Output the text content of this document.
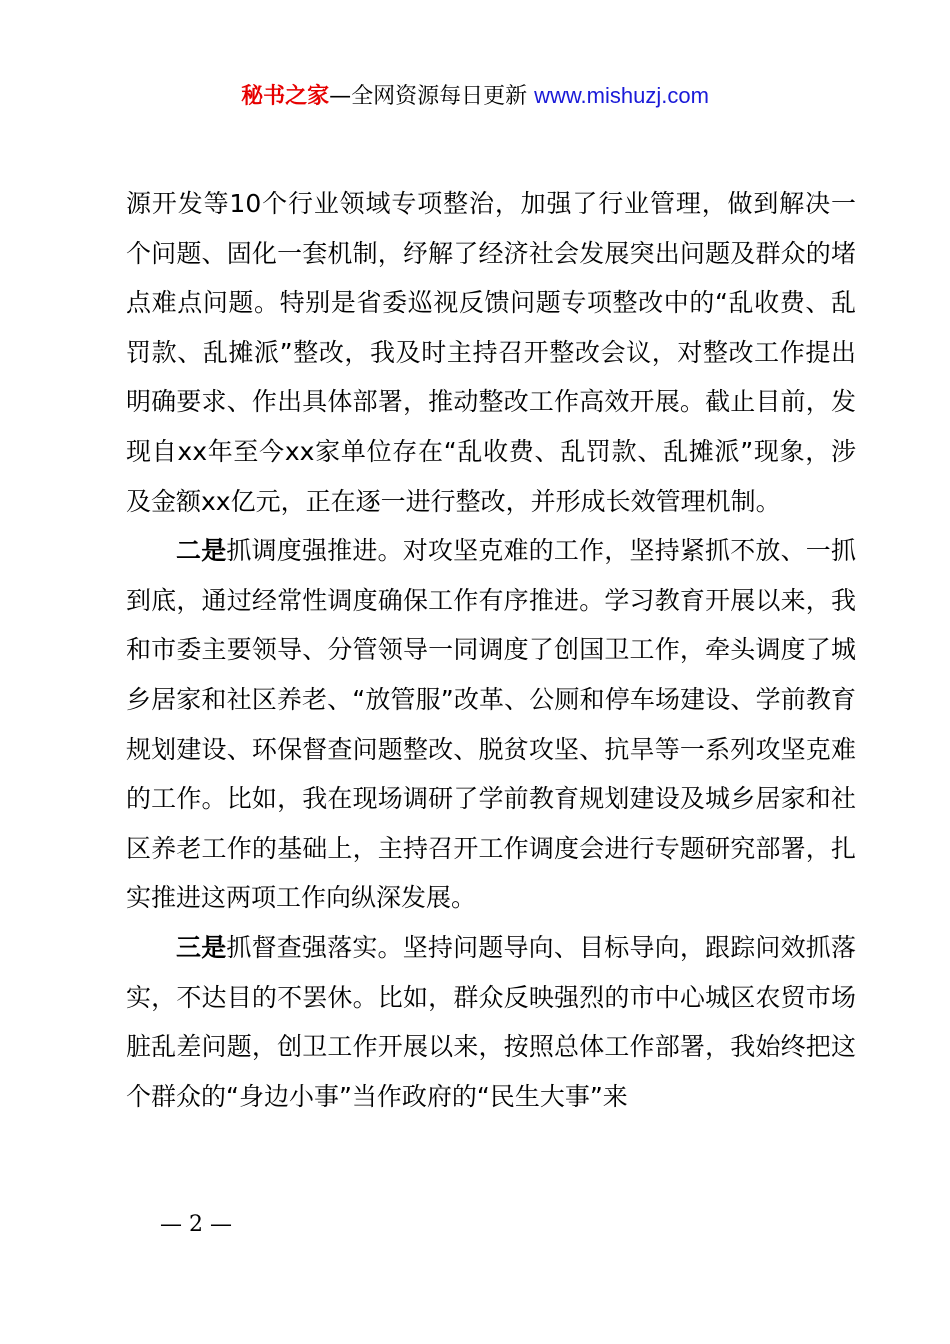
秘书之家—全网资源每日更新 www.mishuzj.com

源开发等10个行业领域专项整治，加强了行业管理，做到解决一个问题、固化一套机制，纾解了经济社会发展突出问题及群众的堵点难点问题。特别是省委巡视反馈问题专项整改中的“乱收费、乱罚款、乱摊派”整改，我及时主持召开整改会议，对整改工作提出明确要求、作出具体部署，推动整改工作高效开展。截止目前，发现自xx年至今xx家单位存在“乱收费、乱罚款、乱摊派”现象，涉及金额xx亿元，正在逐一进行整改，并形成长效管理机制。

二是抓调度强推进。对攻坚克难的工作，坚持紧抓不放、一抓到底，通过经常性调度确保工作有序推进。学习教育开展以来，我和市委主要领导、分管领导一同调度了创国卫工作，牵头调度了城乡居家和社区养老、“放管服”改革、公厕和停车场建设、学前教育规划建设、环保督查问题整改、脱贫攻坚、抗旱等一系列攻坚克难的工作。比如，我在现场调研了学前教育规划建设及城乡居家和社区养老工作的基础上，主持召开工作调度会进行专题研究部署，扎实推进这两项工作向纵深发展。

三是抓督查强落实。坚持问题导向、目标导向，跟踪问效抓落实，不达目的不罢休。比如，群众反映强烈的市中心城区农贸市场脏乱差问题，创卫工作开展以来，按照总体工作部署，我始终把这个群众的“身边小事”当作政府的“民生大事”来

— 2 —
